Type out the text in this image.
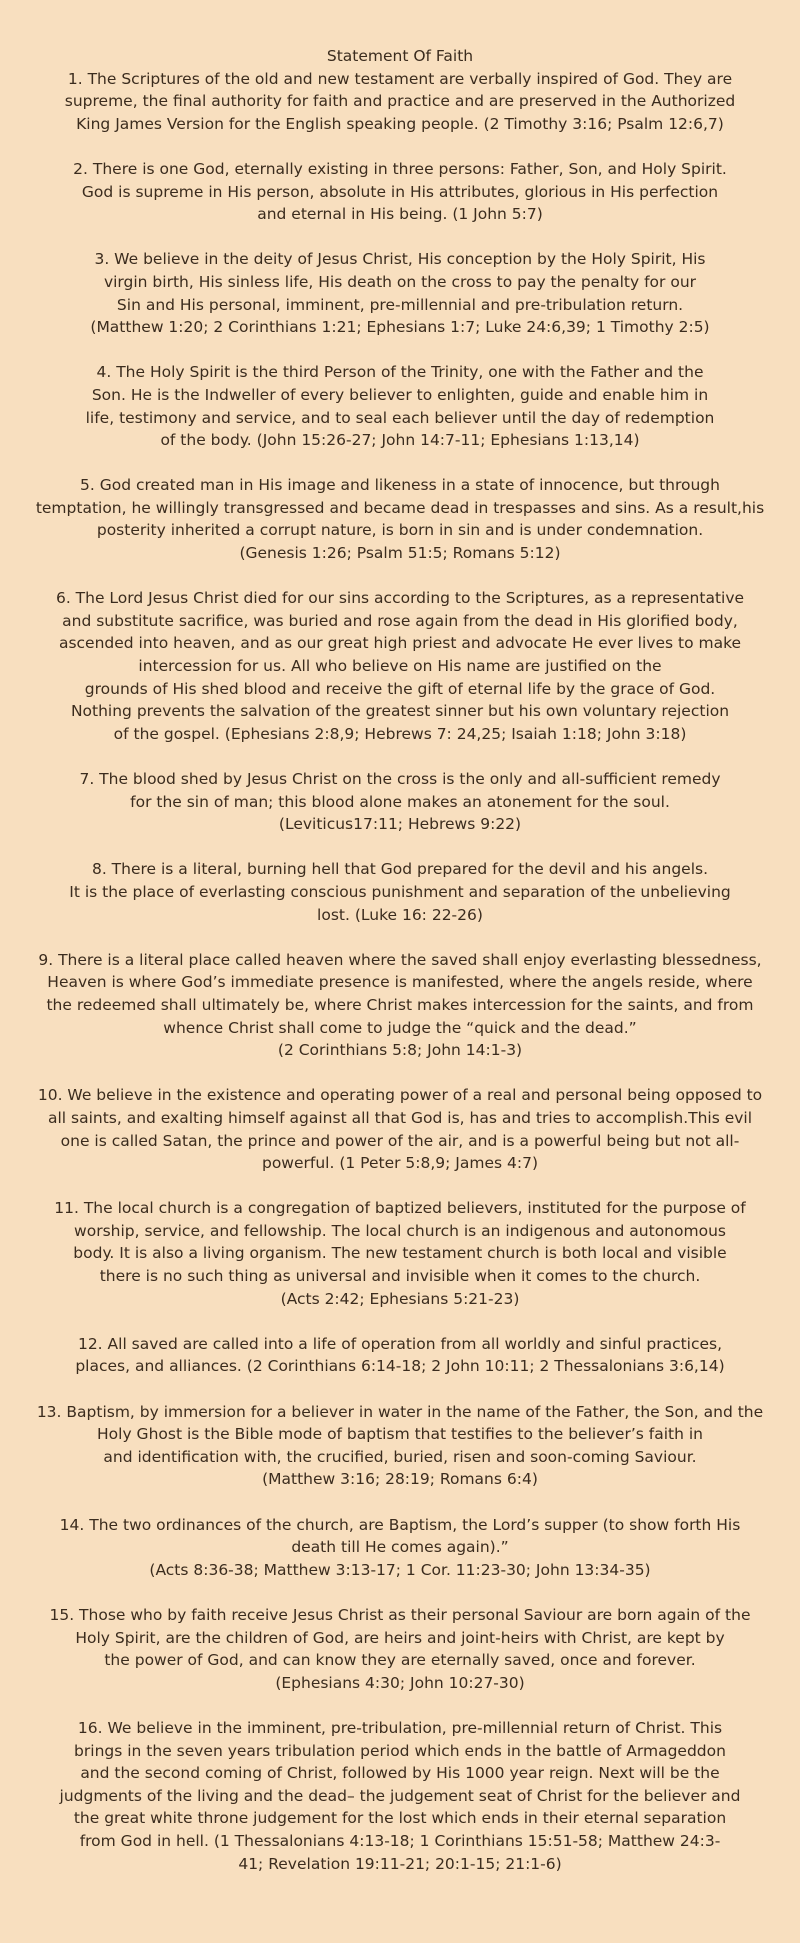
Statement Of Faith

1. The Scriptures of the old and new testament are verbally inspired of God. They are
supreme, the final authority for faith and practice and are preserved in the Authorized
King James Version for the English speaking people. (2 Timothy 3:16; Psalm 12:6,7)

2. There is one God, eternally existing in three persons: Father, Son, and Holy Spirit.
God is supreme in His person, absolute in His attributes, glorious in His perfection
and eternal in His being. (1 John 5:7)

3. We believe in the deity of Jesus Christ, His conception by the Holy Spirit, His
virgin birth, His sinless life, His death on the cross to pay the penalty for our
Sin and His personal, imminent, pre-millennial and pre-tribulation return.
(Matthew 1:20; 2 Corinthians 1:21; Ephesians 1:7; Luke 24:6,39; 1 Timothy 2:5)

4. The Holy Spirit is the third Person of the Trinity, one with the Father and the
Son. He is the Indweller of every believer to enlighten, guide and enable him in
life, testimony and service, and to seal each believer until the day of redemption
of the body. (John 15:26-27; John 14:7-11; Ephesians 1:13,14)

5. God created man in His image and likeness in a state of innocence, but through
temptation, he willingly transgressed and became dead in trespasses and sins. As a result,his
posterity inherited a corrupt nature, is born in sin and is under condemnation.
(Genesis 1:26; Psalm 51:5; Romans 5:12)

6. The Lord Jesus Christ died for our sins according to the Scriptures, as a representative
and substitute sacrifice, was buried and rose again from the dead in His glorified body,
ascended into heaven, and as our great high priest and advocate He ever lives to make
intercession for us. All who believe on His name are justified on the
grounds of His shed blood and receive the gift of eternal life by the grace of God.
Nothing prevents the salvation of the greatest sinner but his own voluntary rejection
of the gospel. (Ephesians 2:8,9; Hebrews 7: 24,25; Isaiah 1:18; John 3:18)

7. The blood shed by Jesus Christ on the cross is the only and all-sufficient remedy
for the sin of man; this blood alone makes an atonement for the soul.
(Leviticus17:11; Hebrews 9:22)

8. There is a literal, burning hell that God prepared for the devil and his angels.
It is the place of everlasting conscious punishment and separation of the unbelieving
lost. (Luke 16: 22-26)

9. There is a literal place called heaven where the saved shall enjoy everlasting blessedness,
Heaven is where God’s immediate presence is manifested, where the angels reside, where
the redeemed shall ultimately be, where Christ makes intercession for the saints, and from
whence Christ shall come to judge the “quick and the dead.”
(2 Corinthians 5:8; John 14:1-3)

10. We believe in the existence and operating power of a real and personal being opposed to
all saints, and exalting himself against all that God is, has and tries to accomplish.This evil
one is called Satan, the prince and power of the air, and is a powerful being but not all-
powerful. (1 Peter 5:8,9; James 4:7)

11. The local church is a congregation of baptized believers, instituted for the purpose of
worship, service, and fellowship. The local church is an indigenous and autonomous
body. It is also a living organism. The new testament church is both local and visible
there is no such thing as universal and invisible when it comes to the church.
(Acts 2:42; Ephesians 5:21-23)

12. All saved are called into a life of operation from all worldly and sinful practices,
places, and alliances. (2 Corinthians 6:14-18; 2 John 10:11; 2 Thessalonians 3:6,14)

13. Baptism, by immersion for a believer in water in the name of the Father, the Son, and the
Holy Ghost is the Bible mode of baptism that testifies to the believer’s faith in
and identification with, the crucified, buried, risen and soon-coming Saviour.
(Matthew 3:16; 28:19; Romans 6:4)

14. The two ordinances of the church, are Baptism, the Lord’s supper (to show forth His
death till He comes again).”
(Acts 8:36-38; Matthew 3:13-17; 1 Cor. 11:23-30; John 13:34-35)

15. Those who by faith receive Jesus Christ as their personal Saviour are born again of the
Holy Spirit, are the children of God, are heirs and joint-heirs with Christ, are kept by
the power of God, and can know they are eternally saved, once and forever.
(Ephesians 4:30; John 10:27-30)

16. We believe in the imminent, pre-tribulation, pre-millennial return of Christ. This
brings in the seven years tribulation period which ends in the battle of Armageddon
and the second coming of Christ, followed by His 1000 year reign. Next will be the
judgments of the living and the dead– the judgement seat of Christ for the believer and
the great white throne judgement for the lost which ends in their eternal separation
from God in hell. (1 Thessalonians 4:13-18; 1 Corinthians 15:51-58; Matthew 24:3-
41; Revelation 19:11-21; 20:1-15; 21:1-6)
